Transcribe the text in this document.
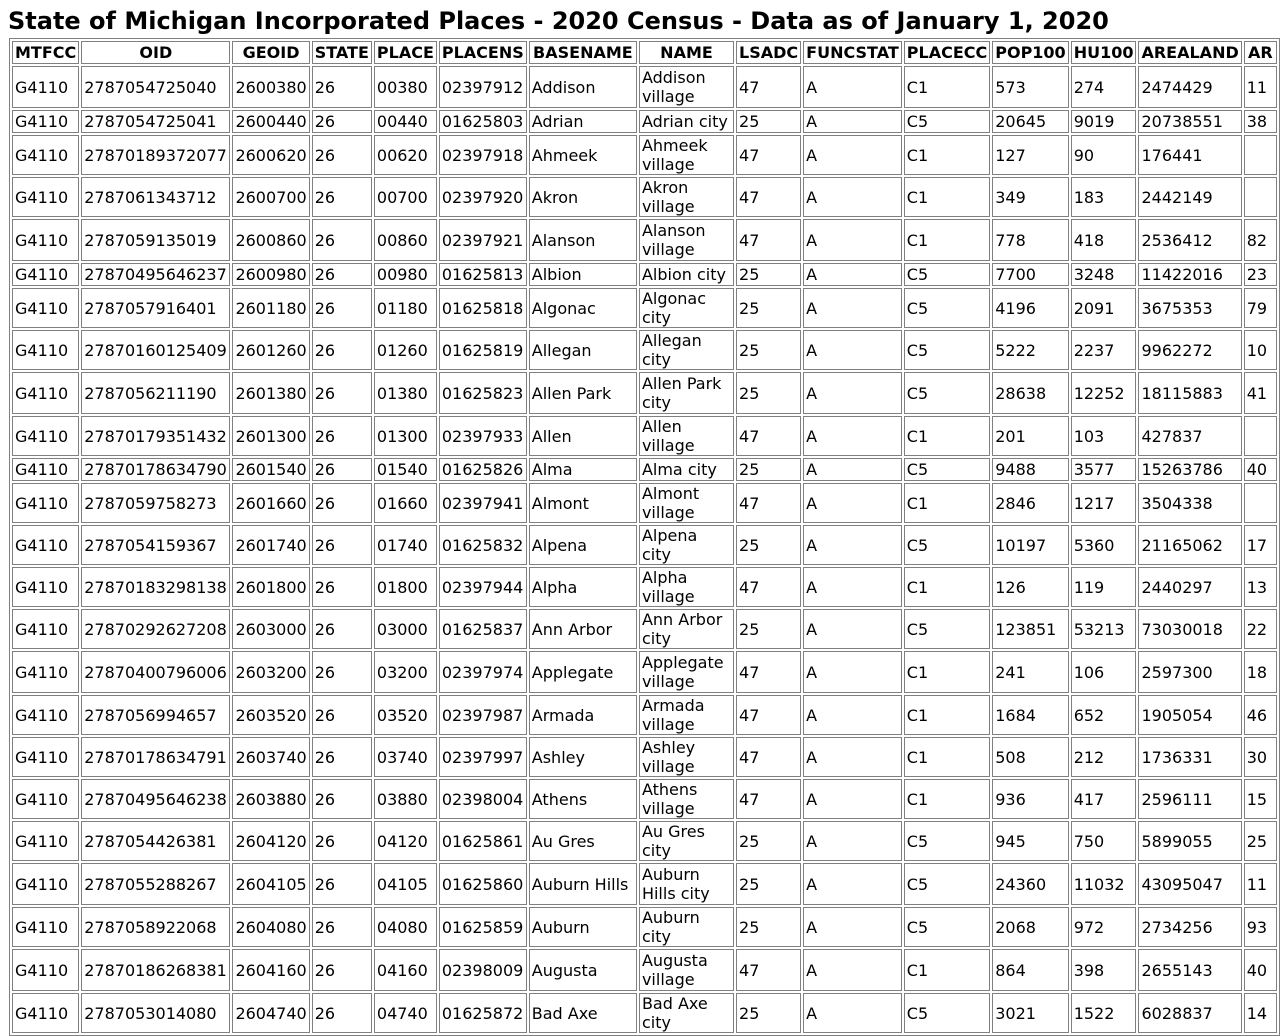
State of Michigan Incorporated Places - 2020 Census - Data as of January 1, 2020
MTFCC	OID	GEOID	STATE	PLACE	PLACENS	BASENAME	NAME	LSADC	FUNCSTAT	PLACECC	POP100	HU100	AREALAND	AR
G4110	2787054725040	2600380	26	00380	02397912	Addison	Addison village	47	A	C1	573	274	2474429	11
G4110	2787054725041	2600440	26	00440	01625803	Adrian	Adrian city	25	A	C5	20645	9019	20738551	38
G4110	27870189372077	2600620	26	00620	02397918	Ahmeek	Ahmeek village	47	A	C1	127	90	176441	
G4110	2787061343712	2600700	26	00700	02397920	Akron	Akron village	47	A	C1	349	183	2442149	
G4110	2787059135019	2600860	26	00860	02397921	Alanson	Alanson village	47	A	C1	778	418	2536412	82
G4110	27870495646237	2600980	26	00980	01625813	Albion	Albion city	25	A	C5	7700	3248	11422016	23
G4110	2787057916401	2601180	26	01180	01625818	Algonac	Algonac city	25	A	C5	4196	2091	3675353	79
G4110	27870160125409	2601260	26	01260	01625819	Allegan	Allegan city	25	A	C5	5222	2237	9962272	10
G4110	2787056211190	2601380	26	01380	01625823	Allen Park	Allen Park city	25	A	C5	28638	12252	18115883	41
G4110	27870179351432	2601300	26	01300	02397933	Allen	Allen village	47	A	C1	201	103	427837	
G4110	27870178634790	2601540	26	01540	01625826	Alma	Alma city	25	A	C5	9488	3577	15263786	40
G4110	2787059758273	2601660	26	01660	02397941	Almont	Almont village	47	A	C1	2846	1217	3504338	
G4110	2787054159367	2601740	26	01740	01625832	Alpena	Alpena city	25	A	C5	10197	5360	21165062	17
G4110	27870183298138	2601800	26	01800	02397944	Alpha	Alpha village	47	A	C1	126	119	2440297	13
G4110	27870292627208	2603000	26	03000	01625837	Ann Arbor	Ann Arbor city	25	A	C5	123851	53213	73030018	22
G4110	27870400796006	2603200	26	03200	02397974	Applegate	Applegate village	47	A	C1	241	106	2597300	18
G4110	2787056994657	2603520	26	03520	02397987	Armada	Armada village	47	A	C1	1684	652	1905054	46
G4110	27870178634791	2603740	26	03740	02397997	Ashley	Ashley village	47	A	C1	508	212	1736331	30
G4110	27870495646238	2603880	26	03880	02398004	Athens	Athens village	47	A	C1	936	417	2596111	15
G4110	2787054426381	2604120	26	04120	01625861	Au Gres	Au Gres city	25	A	C5	945	750	5899055	25
G4110	2787055288267	2604105	26	04105	01625860	Auburn Hills	Auburn Hills city	25	A	C5	24360	11032	43095047	11
G4110	2787058922068	2604080	26	04080	01625859	Auburn	Auburn city	25	A	C5	2068	972	2734256	93
G4110	27870186268381	2604160	26	04160	02398009	Augusta	Augusta village	47	A	C1	864	398	2655143	40
G4110	2787053014080	2604740	26	04740	01625872	Bad Axe	Bad Axe city	25	A	C5	3021	1522	6028837	14
